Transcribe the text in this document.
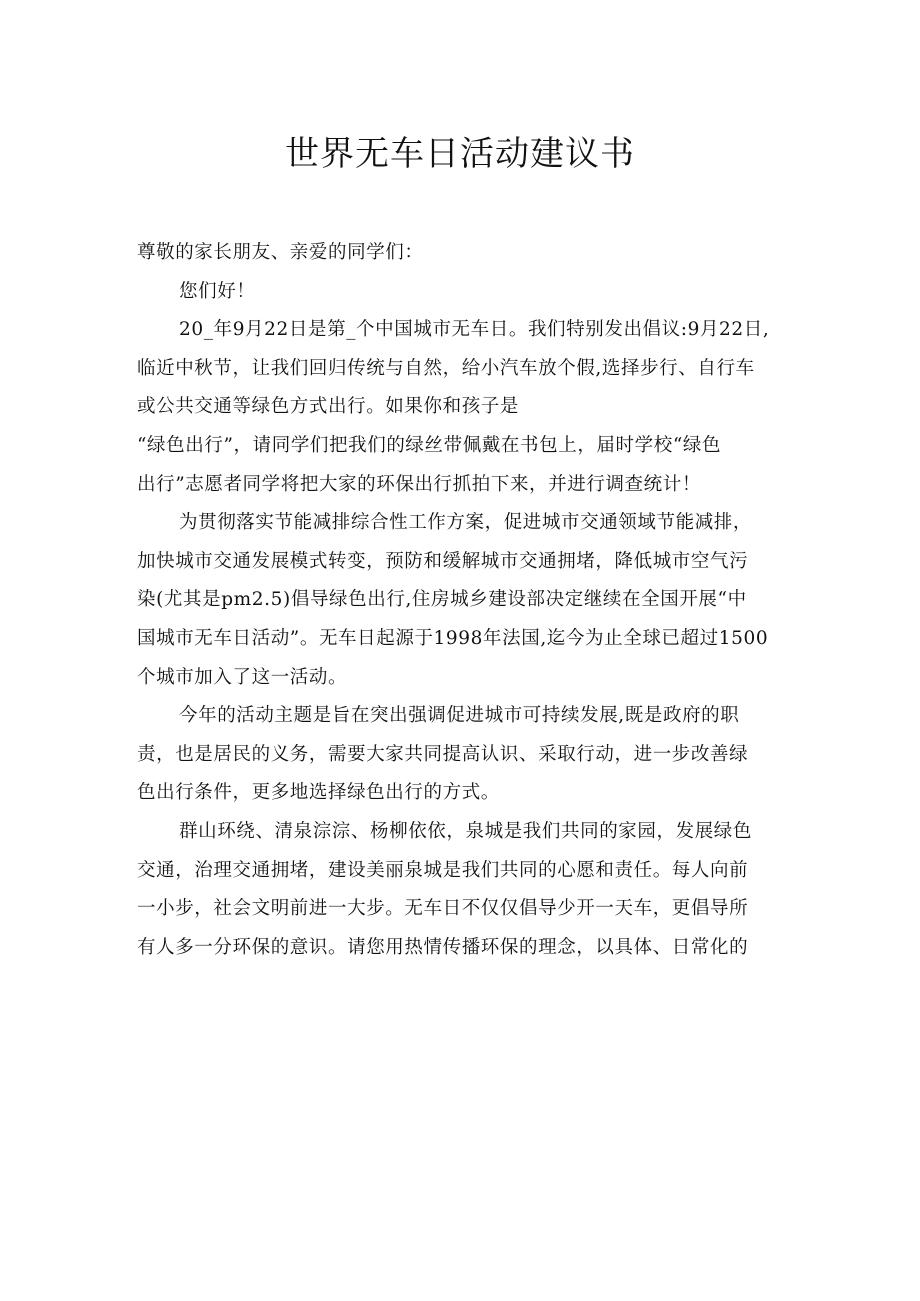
世界无车日活动建议书
尊敬的家长朋友、亲爱的同学们：
您们好！
20_年9月22日是第_个中国城市无车日。我们特别发出倡议:9月22日,
临近中秋节，让我们回归传统与自然，给小汽车放个假,选择步行、自行车
或公共交通等绿色方式出行。如果你和孩子是
“绿色出行”，请同学们把我们的绿丝带佩戴在书包上，届时学校“绿色
出行”志愿者同学将把大家的环保出行抓拍下来，并进行调查统计！
为贯彻落实节能减排综合性工作方案，促进城市交通领域节能减排，
加快城市交通发展模式转变，预防和缓解城市交通拥堵，降低城市空气污
染(尤其是pm2.5)倡导绿色出行,住房城乡建设部决定继续在全国开展“中
国城市无车日活动”。无车日起源于1998年法国,迄今为止全球已超过1500
个城市加入了这一活动。
今年的活动主题是旨在突出强调促进城市可持续发展,既是政府的职
责，也是居民的义务，需要大家共同提高认识、采取行动，进一步改善绿
色出行条件，更多地选择绿色出行的方式。
群山环绕、清泉淙淙、杨柳依依，泉城是我们共同的家园，发展绿色
交通，治理交通拥堵，建设美丽泉城是我们共同的心愿和责任。每人向前
一小步，社会文明前进一大步。无车日不仅仅倡导少开一天车，更倡导所
有人多一分环保的意识。请您用热情传播环保的理念，以具体、日常化的
